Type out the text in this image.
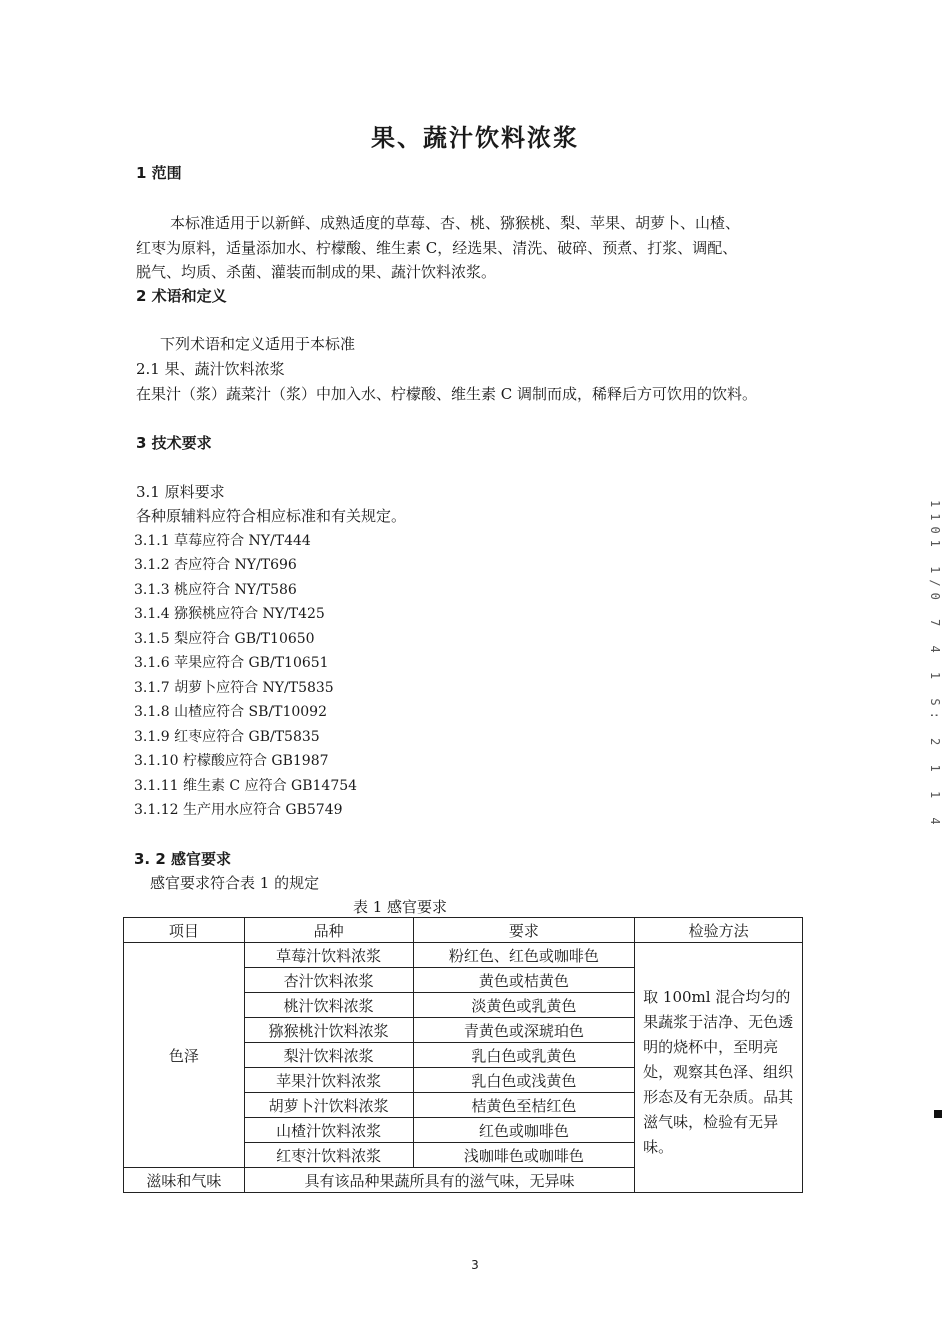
果、蔬汁饮料浓浆
1 范围
本标准适用于以新鲜、成熟适度的草莓、杏、桃、猕猴桃、梨、苹果、胡萝卜、山楂、
红枣为原料，适量添加水、柠檬酸、维生素 C，经选果、清洗、破碎、预煮、打浆、调配、
脱气、均质、杀菌、灌装而制成的果、蔬汁饮料浓浆。
2 术语和定义
下列术语和定义适用于本标准
2.1 果、蔬汁饮料浓浆
在果汁（浆）蔬菜汁（浆）中加入水、柠檬酸、维生素 C 调制而成，稀释后方可饮用的饮料。
3 技术要求
3.1 原料要求
各种原辅料应符合相应标准和有关规定。
3.1.1 草莓应符合 NY/T444
3.1.2 杏应符合 NY/T696
3.1.3 桃应符合 NY/T586
3.1.4 猕猴桃应符合 NY/T425
3.1.5 梨应符合 GB/T10650
3.1.6 苹果应符合 GB/T10651
3.1.7 胡萝卜应符合 NY/T5835
3.1.8 山楂应符合 SB/T10092
3.1.9 红枣应符合 GB/T5835
3.1.10 柠檬酸应符合 GB1987
3.1.11 维生素 C 应符合 GB14754
3.1.12 生产用水应符合 GB5749
3. 2 感官要求
感官要求符合表 1 的规定
表 1 感官要求
项目	品种	要求	检验方法
色泽	草莓汁饮料浓浆	粉红色、红色或咖啡色	取 100ml 混合均匀的果蔬浆于洁净、无色透明的烧杯中，至明亮处，观察其色泽、组织形态及有无杂质。品其滋气味，检验有无异味。
	杏汁饮料浓浆	黄色或桔黄色	
	桃汁饮料浓浆	淡黄色或乳黄色	
	猕猴桃汁饮料浓浆	青黄色或深琥珀色	
	梨汁饮料浓浆	乳白色或乳黄色	
	苹果汁饮料浓浆	乳白色或浅黄色	
	胡萝卜汁饮料浓浆	桔黄色至桔红色	
	山楂汁饮料浓浆	红色或咖啡色	
	红枣汁饮料浓浆	浅咖啡色或咖啡色	
滋味和气味	具有该品种果蔬所具有的滋气味，无异味		
1101 1/0 7 4 1 S: 2 1 1 4
3
